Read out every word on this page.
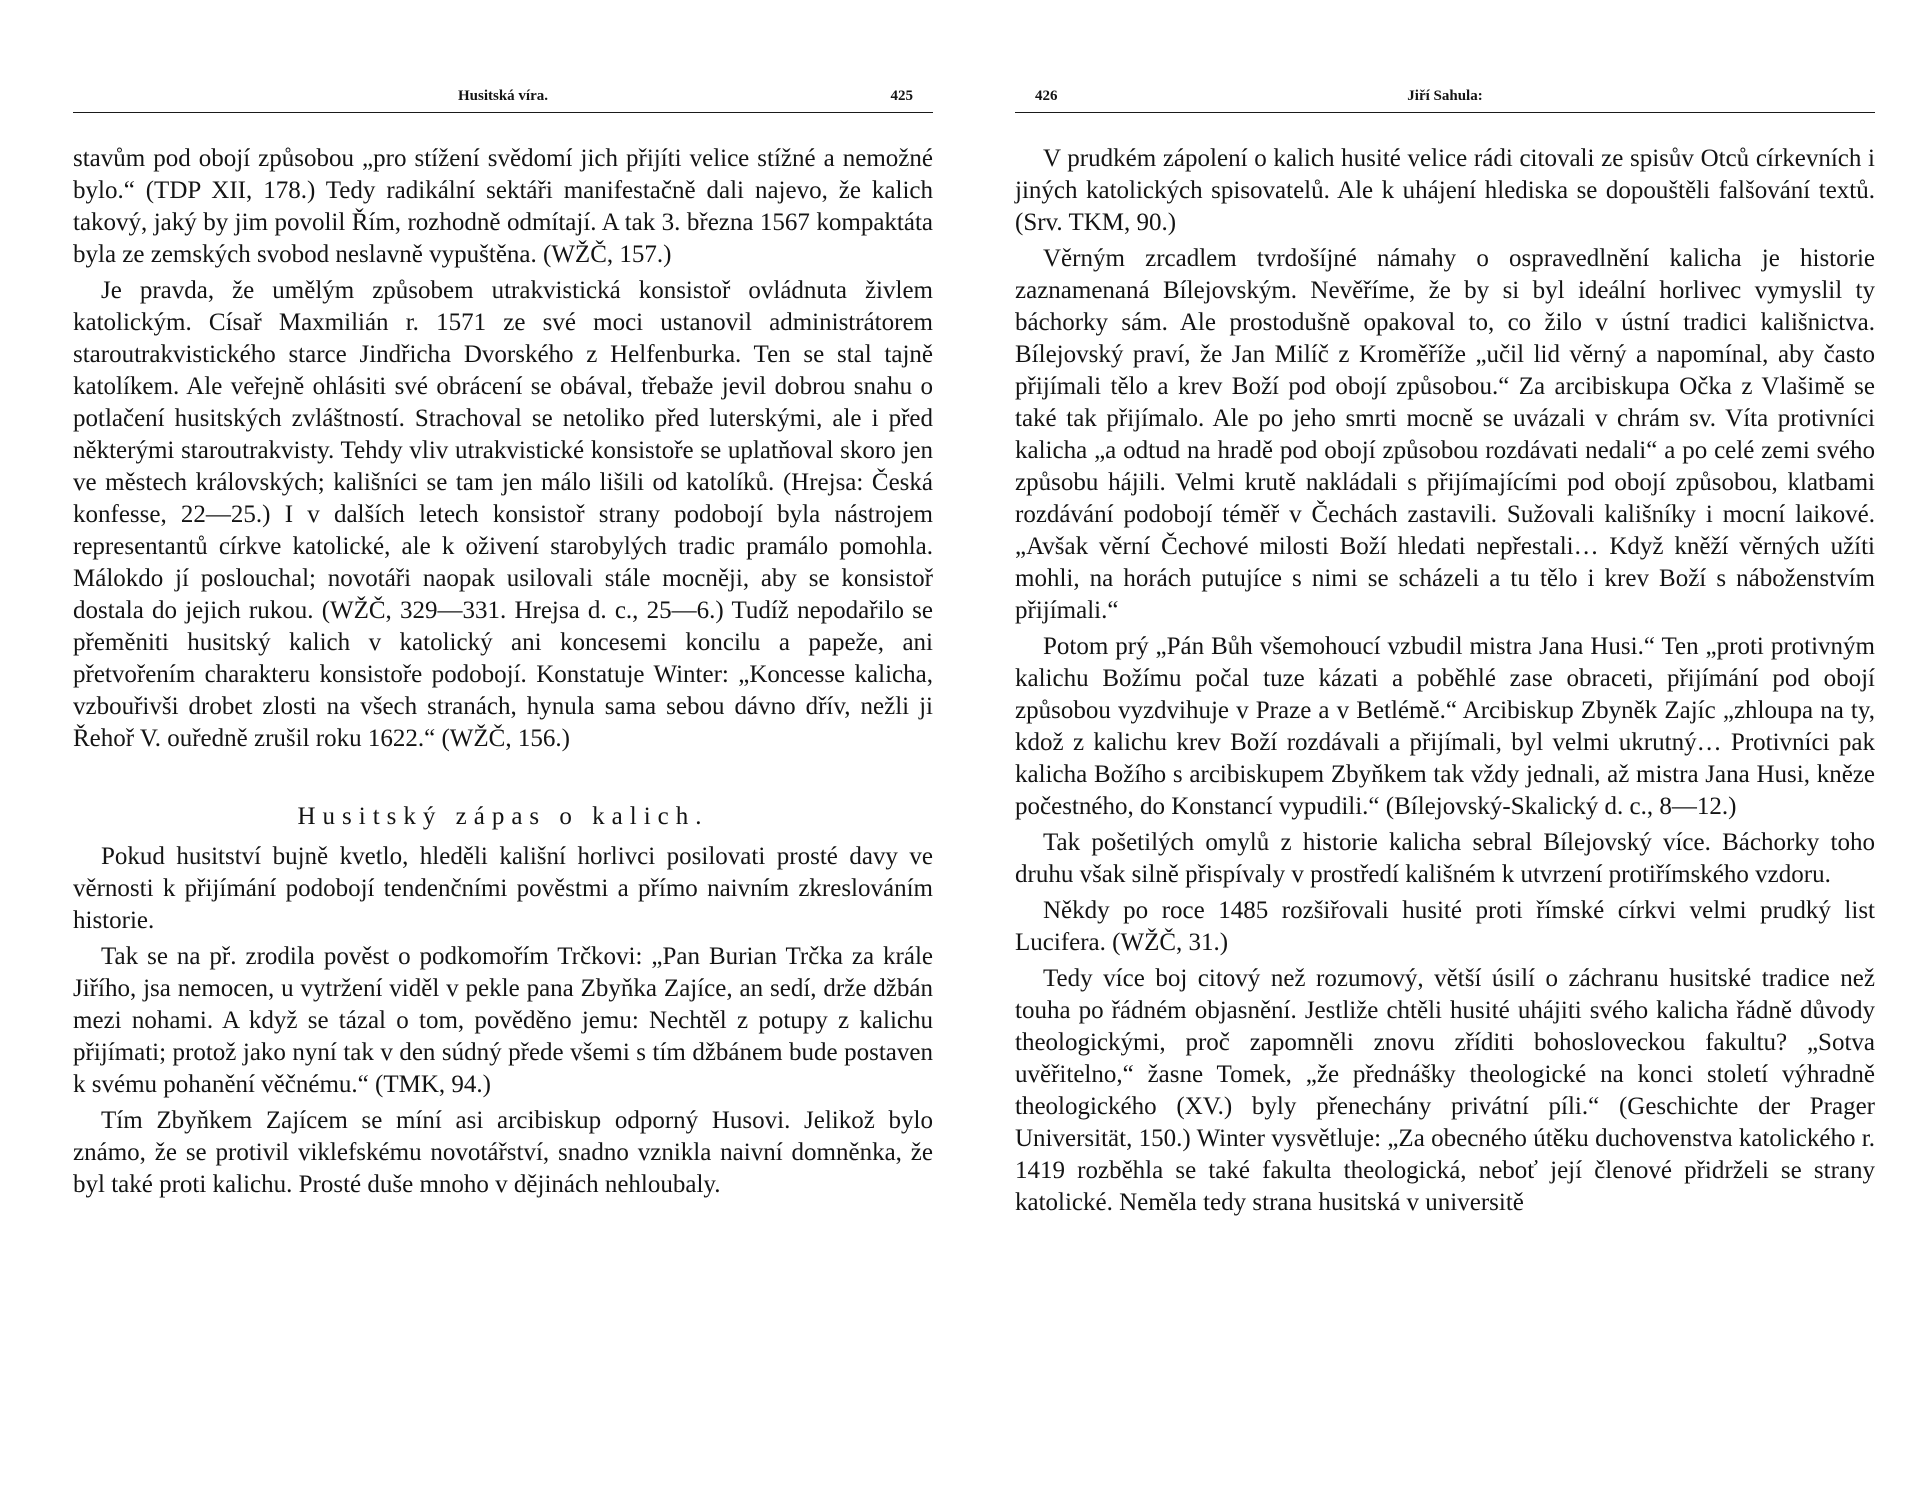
Husitská víra.	425

stavům pod obojí způsobou „pro stížení svědomí jich přijíti velice stížné a nemožné bylo.“ (TDP XII, 178.) Tedy radikální sektáři manifestačně dali najevo, že kalich takový, jaký by jim povolil Řím, rozhodně odmítají. A tak 3. března 1567 kompaktáta byla ze zemských svobod neslavně vypuštěna. (WŽČ, 157.)

Je pravda, že umělým způsobem utrakvistická konsistoř ovládnuta živlem katolickým. Císař Maxmilián r. 1571 ze své moci ustanovil administrátorem staroutrakvistického starce Jindřicha Dvorského z Helfenburka. Ten se stal tajně katolíkem. Ale veřejně ohlásiti své obrácení se obával, třebaže jevil dobrou snahu o potlačení husitských zvláštností. Strachoval se netoliko před luterskými, ale i před některými staroutrakvisty. Tehdy vliv utrakvistické konsistoře se uplatňoval skoro jen ve městech královských; kališníci se tam jen málo lišili od katolíků. (Hrejsa: Česká konfesse, 22—25.) I v dalších letech konsistoř strany podobojí byla nástrojem representantů církve katolické, ale k oživení starobylých tradic pramálo pomohla. Málokdo jí poslouchal; novotáři naopak usilovali stále mocněji, aby se konsistoř dostala do jejich rukou. (WŽČ, 329—331. Hrejsa d. c., 25—6.) Tudíž nepodařilo se přeměniti husitský kalich v katolický ani koncesemi koncilu a papeže, ani přetvořením charakteru konsistoře podobojí. Konstatuje Winter: „Koncesse kalicha, vzbouřivši drobet zlosti na všech stranách, hynula sama sebou dávno dřív, nežli ji Řehoř V. ouředně zrušil roku 1622.“ (WŽČ, 156.)

Husitský zápas o kalich.

Pokud husitství bujně kvetlo, hleděli kališní horlivci posilovati prosté davy ve věrnosti k přijímání podobojí tendenčními pověstmi a přímo naivním zkreslováním historie.

Tak se na př. zrodila pověst o podkomořím Trčkovi: „Pan Burian Trčka za krále Jiřího, jsa nemocen, u vytržení viděl v pekle pana Zbyňka Zajíce, an sedí, drže džbán mezi nohami. A když se tázal o tom, pověděno jemu: Nechtěl z potupy z kalichu přijímati; protož jako nyní tak v den súdný přede všemi s tím džbánem bude postaven k svému pohanění věčnému.“ (TMK, 94.)

Tím Zbyňkem Zajícem se míní asi arcibiskup odporný Husovi. Jelikož bylo známo, že se protivil viklefskému novotářství, snadno vznikla naivní domněnka, že byl také proti kalichu. Prosté duše mnoho v dějinách nehloubaly.

426	Jiří Sahula:

V prudkém zápolení o kalich husité velice rádi citovali ze spisův Otců církevních i jiných katolických spisovatelů. Ale k uhájení hlediska se dopouštěli falšování textů. (Srv. TKM, 90.)

Věrným zrcadlem tvrdošíjné námahy o ospravedlnění kalicha je historie zaznamenaná Bílejovským. Nevěříme, že by si byl ideální horlivec vymyslil ty báchorky sám. Ale prostodušně opakoval to, co žilo v ústní tradici kališnictva. Bílejovský praví, že Jan Milíč z Kroměříže „učil lid věrný a napomínal, aby často přijímali tělo a krev Boží pod obojí způsobou.“ Za arcibiskupa Očka z Vlašimě se také tak přijímalo. Ale po jeho smrti mocně se uvázali v chrám sv. Víta protivníci kalicha „a odtud na hradě pod obojí způsobou rozdávati nedali“ a po celé zemi svého způsobu hájili. Velmi krutě nakládali s přijímajícími pod obojí způsobou, klatbami rozdávání podobojí téměř v Čechách zastavili. Sužovali kališníky i mocní laikové. „Avšak věrní Čechové milosti Boží hledati nepřestali… Když kněží věrných užíti mohli, na horách putujíce s nimi se scházeli a tu tělo i krev Boží s náboženstvím přijímali.“

Potom prý „Pán Bůh všemohoucí vzbudil mistra Jana Husi.“ Ten „proti protivným kalichu Božímu počal tuze kázati a poběhlé zase obraceti, přijímání pod obojí způsobou vyzdvihuje v Praze a v Betlémě.“ Arcibiskup Zbyněk Zajíc „zhloupa na ty, kdož z kalichu krev Boží rozdávali a přijímali, byl velmi ukrutný… Protivníci pak kalicha Božího s arcibiskupem Zbyňkem tak vždy jednali, až mistra Jana Husi, kněze počestného, do Konstancí vypudili.“ (Bílejovský-Skalický d. c., 8—12.)

Tak pošetilých omylů z historie kalicha sebral Bílejovský více. Báchorky toho druhu však silně přispívaly v prostředí kališném k utvrzení protiřímského vzdoru.

Někdy po roce 1485 rozšiřovali husité proti římské církvi velmi prudký list Lucifera. (WŽČ, 31.)

Tedy více boj citový než rozumový, větší úsilí o záchranu husitské tradice než touha po řádném objasnění. Jestliže chtěli husité uhájiti svého kalicha řádně důvody theologickými, proč zapomněli znovu zříditi bohosloveckou fakultu? „Sotva uvěřitelno,“ žasne Tomek, „že přednášky theologické na konci století výhradně theologického (XV.) byly přenechány privátní píli.“ (Geschichte der Prager Universität, 150.) Winter vysvětluje: „Za obecného útěku duchovenstva katolického r. 1419 rozběhla se také fakulta theologická, neboť její členové přidrželi se strany katolické. Neměla tedy strana husitská v universitě
